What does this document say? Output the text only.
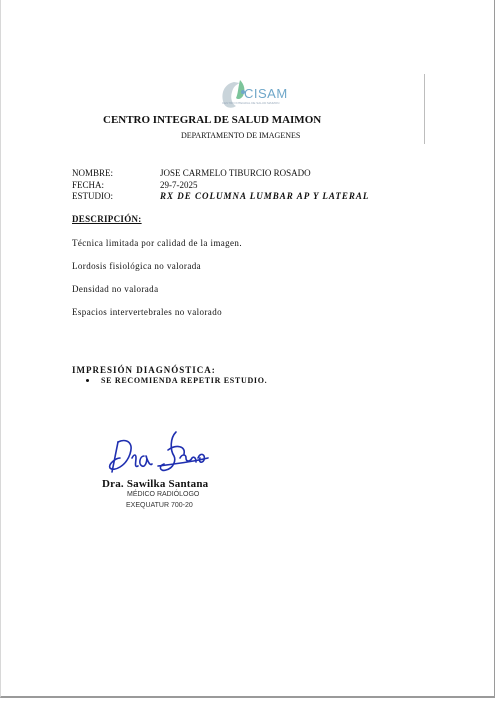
CISAM
CENTRO INTEGRAL DE SALUD MAIMON
CENTRO INTEGRAL DE SALUD MAIMON
DEPARTAMENTO DE IMAGENES
NOMBRE:	JOSE CARMELO TIBURCIO ROSADO
FECHA:	29-7-2025
ESTUDIO:	RX DE COLUMNA LUMBAR AP Y LATERAL
DESCRIPCIÓN:
Técnica limitada por calidad de la imagen.
Lordosis fisiológica no valorada
Densidad no valorada
Espacios intervertebrales no valorado
IMPRESIÓN DIAGNÓSTICA:
SE RECOMIENDA REPETIR ESTUDIO.
Dra. Sawilka Santana
MÉDICO RADIÓLOGO
EXEQUATUR 700-20
